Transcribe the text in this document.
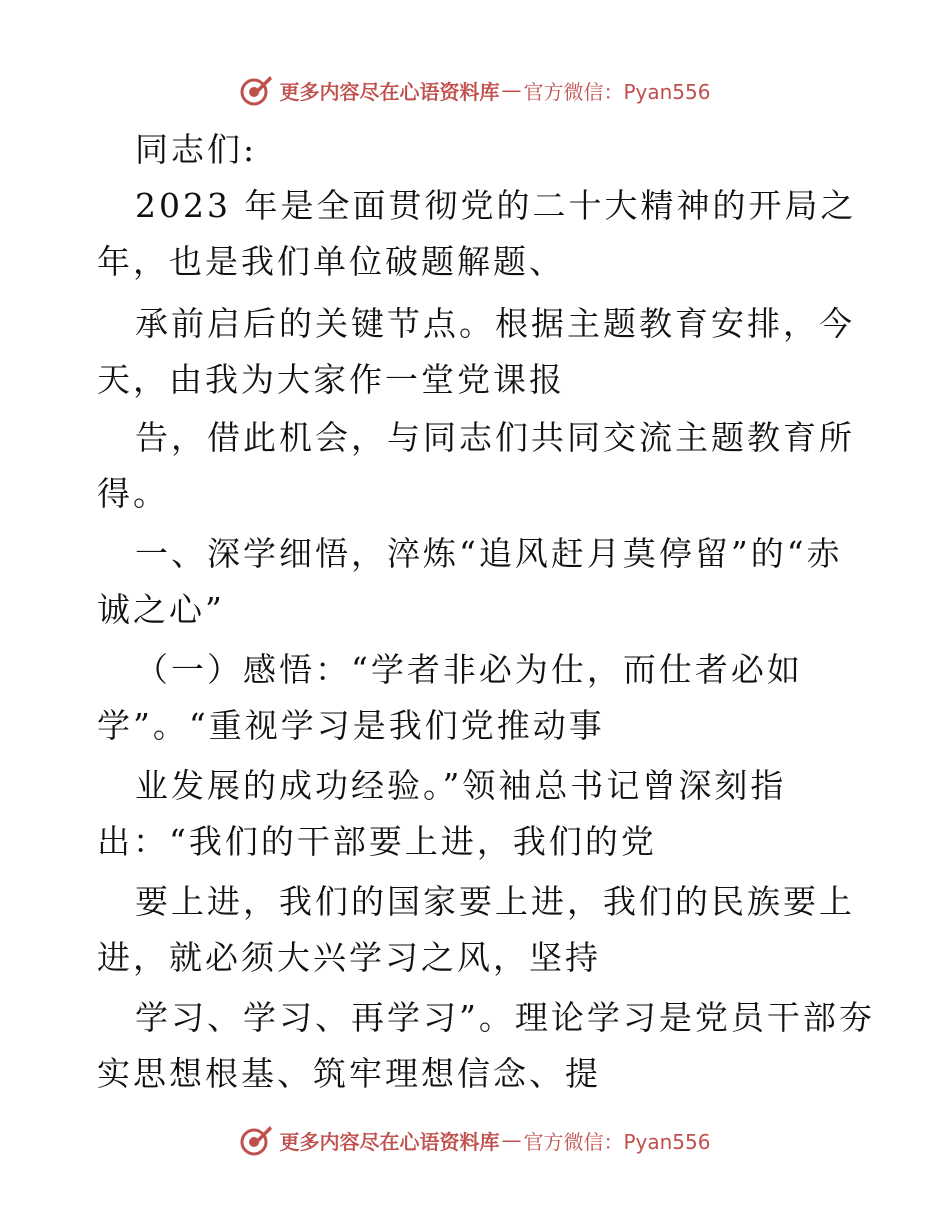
更多内容尽在心语资料库 — 官方微信：Pyan556
同志们:
2023 年是全面贯彻党的二十大精神的开局之
年，也是我们单位破题解题、
承前启后的关键节点。根据主题教育安排，今
天，由我为大家作一堂党课报
告，借此机会，与同志们共同交流主题教育所
得。
一、深学细悟，淬炼“追风赶月莫停留”的“赤
诚之心”
（一）感悟：“学者非必为仕，而仕者必如
学”。“重视学习是我们党推动事
业发展的成功经验。”领袖总书记曾深刻指
出：“我们的干部要上进，我们的党
要上进，我们的国家要上进，我们的民族要上
进，就必须大兴学习之风，坚持
学习、学习、再学习”。理论学习是党员干部夯
实思想根基、筑牢理想信念、提
更多内容尽在心语资料库 — 官方微信：Pyan556
